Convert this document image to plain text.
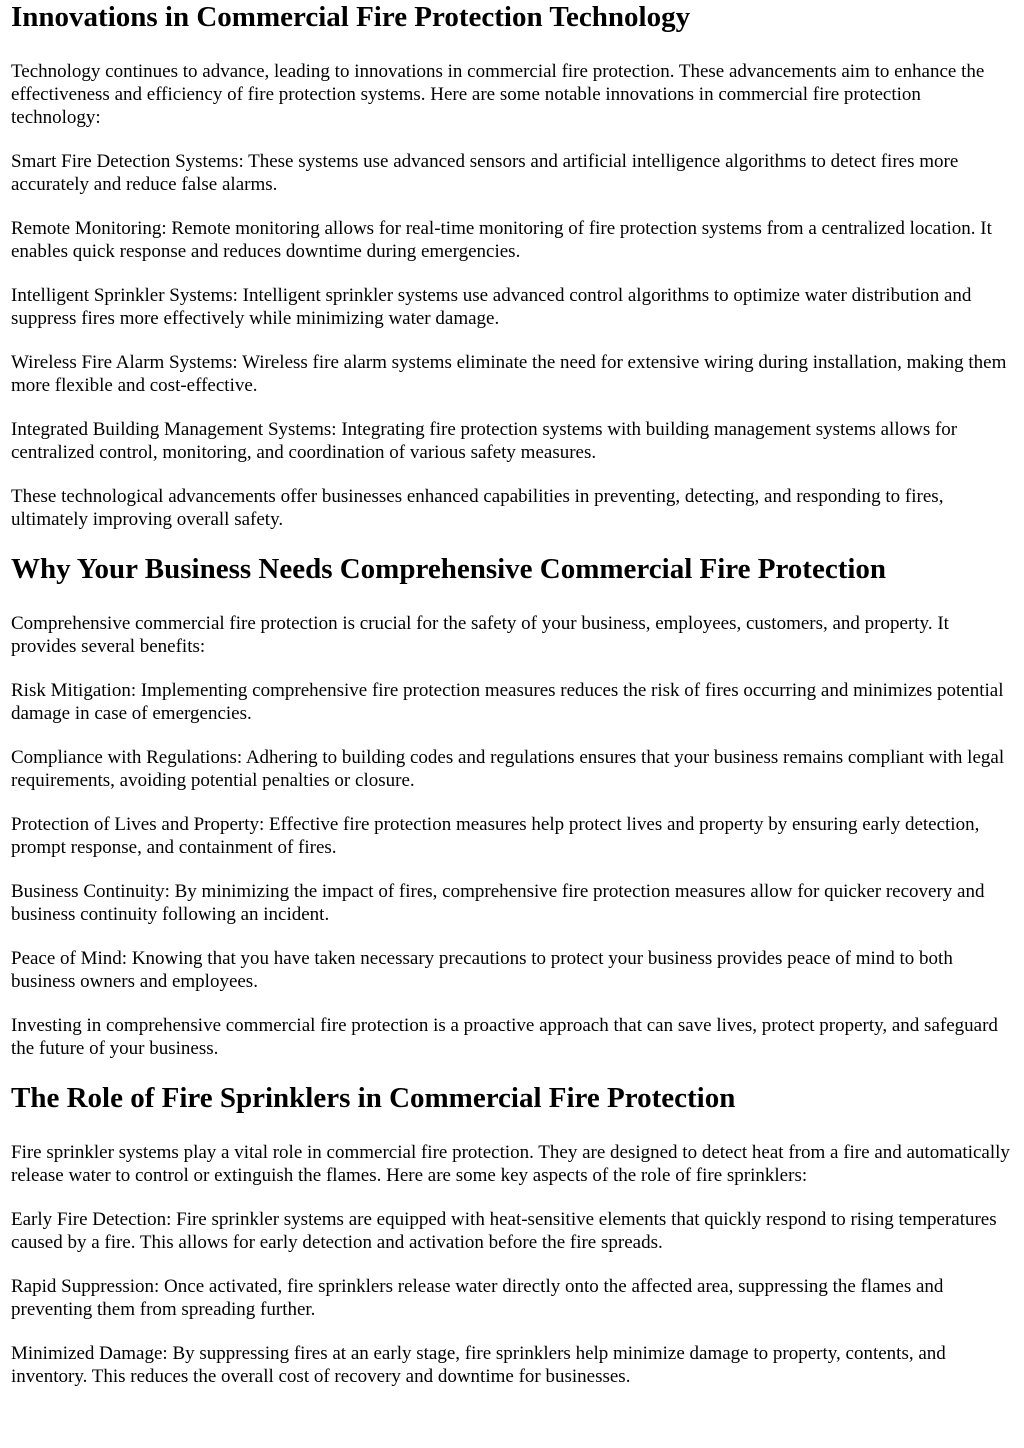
Innovations in Commercial Fire Protection Technology

Technology continues to advance, leading to innovations in commercial fire protection. These advancements aim to enhance the effectiveness and efficiency of fire protection systems. Here are some notable innovations in commercial fire protection technology:

Smart Fire Detection Systems: These systems use advanced sensors and artificial intelligence algorithms to detect fires more accurately and reduce false alarms.

Remote Monitoring: Remote monitoring allows for real-time monitoring of fire protection systems from a centralized location. It enables quick response and reduces downtime during emergencies.

Intelligent Sprinkler Systems: Intelligent sprinkler systems use advanced control algorithms to optimize water distribution and suppress fires more effectively while minimizing water damage.

Wireless Fire Alarm Systems: Wireless fire alarm systems eliminate the need for extensive wiring during installation, making them more flexible and cost-effective.

Integrated Building Management Systems: Integrating fire protection systems with building management systems allows for centralized control, monitoring, and coordination of various safety measures.

These technological advancements offer businesses enhanced capabilities in preventing, detecting, and responding to fires, ultimately improving overall safety.

Why Your Business Needs Comprehensive Commercial Fire Protection

Comprehensive commercial fire protection is crucial for the safety of your business, employees, customers, and property. It provides several benefits:

Risk Mitigation: Implementing comprehensive fire protection measures reduces the risk of fires occurring and minimizes potential damage in case of emergencies.

Compliance with Regulations: Adhering to building codes and regulations ensures that your business remains compliant with legal requirements, avoiding potential penalties or closure.

Protection of Lives and Property: Effective fire protection measures help protect lives and property by ensuring early detection, prompt response, and containment of fires.

Business Continuity: By minimizing the impact of fires, comprehensive fire protection measures allow for quicker recovery and business continuity following an incident.

Peace of Mind: Knowing that you have taken necessary precautions to protect your business provides peace of mind to both business owners and employees.

Investing in comprehensive commercial fire protection is a proactive approach that can save lives, protect property, and safeguard the future of your business.

The Role of Fire Sprinklers in Commercial Fire Protection

Fire sprinkler systems play a vital role in commercial fire protection. They are designed to detect heat from a fire and automatically release water to control or extinguish the flames. Here are some key aspects of the role of fire sprinklers:

Early Fire Detection: Fire sprinkler systems are equipped with heat-sensitive elements that quickly respond to rising temperatures caused by a fire. This allows for early detection and activation before the fire spreads.

Rapid Suppression: Once activated, fire sprinklers release water directly onto the affected area, suppressing the flames and preventing them from spreading further.

Minimized Damage: By suppressing fires at an early stage, fire sprinklers help minimize damage to property, contents, and inventory. This reduces the overall cost of recovery and downtime for businesses.
